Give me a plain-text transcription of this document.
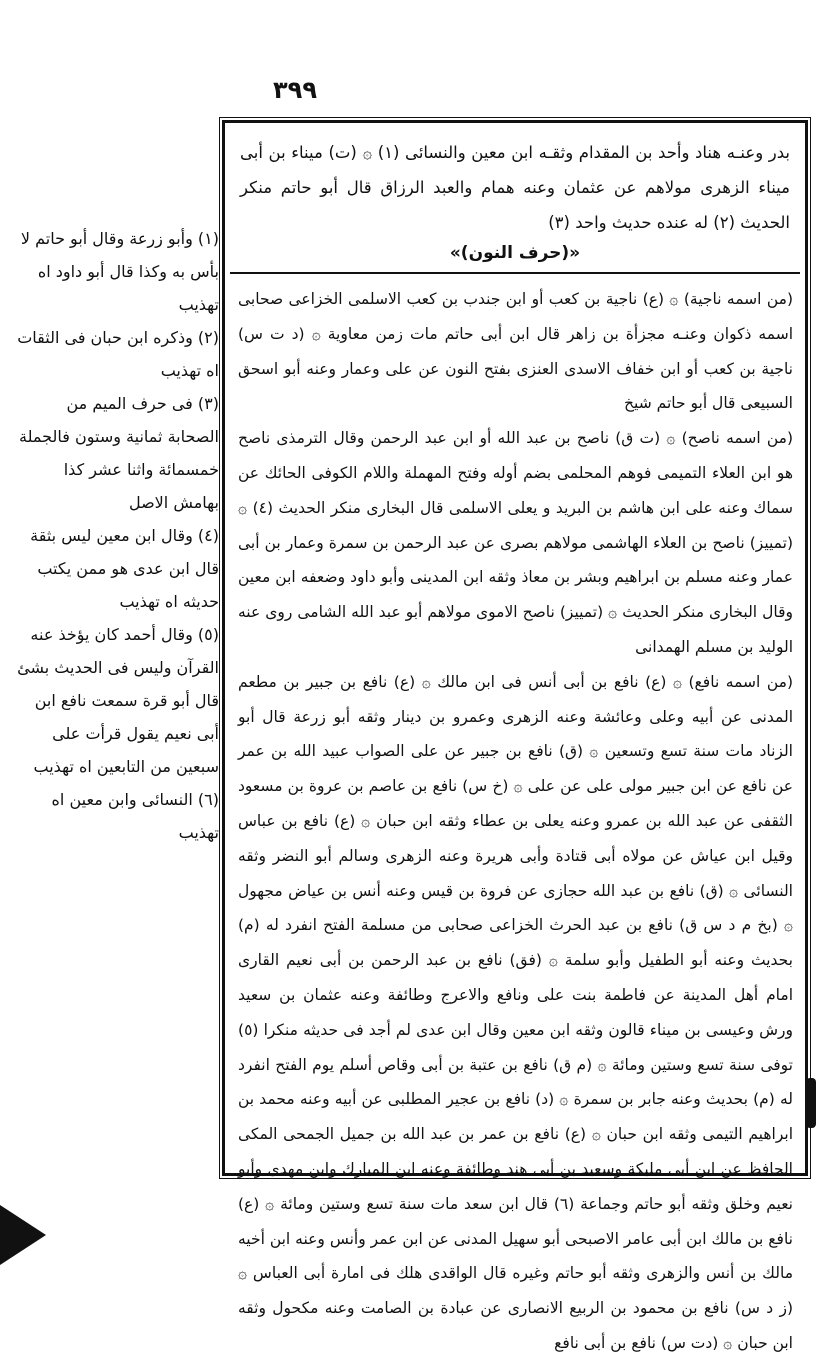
٣٩٩
بدر وعنـه هناد وأحد بن المقدام وثقـه ابن معين والنسائى (١) ۞ (ت) ميناء بن أبى ميناء الزهرى مولاهم عن عثمان وعنه همام والعبد الرزاق قال أبو حاتم منكر الحديث (٢) له عنده حديث واحد (٣)
«(حرف النون)»

(من اسمه ناجية) ۞ (ع) ناجية بن كعب أو ابن جندب بن كعب الاسلمى الخزاعى صحابى اسمه ذكوان وعنـه مجزأة بن زاهر قال ابن أبى حاتم مات زمن معاوية ۞ (د ت س) ناجية بن كعب أو ابن خفاف الاسدى العنزى بفتح النون عن على وعمار وعنه أبو اسحق السبيعى قال أبو حاتم شيخ

(من اسمه ناصح) ۞ (ت ق) ناصح بن عبد الله أو ابن عبد الرحمن وقال الترمذى ناصح هو ابن العلاء التميمى فوهم المحلمى بضم أوله وفتح المهملة واللام الكوفى الحائك عن سماك وعنه على ابن هاشم بن البريد و يعلى الاسلمى قال البخارى منكر الحديث (٤) ۞ (تمييز) ناصح بن العلاء الهاشمى مولاهم بصرى عن عبد الرحمن بن سمرة وعمار بن أبى عمار وعنه مسلم بن ابراهيم وبشر بن معاذ وثقه ابن المدينى وأبو داود وضعفه ابن معين وقال البخارى منكر الحديث ۞ (تمييز) ناصح الاموى مولاهم أبو عبد الله الشامى روى عنه الوليد بن مسلم الهمدانى

(من اسمه نافع) ۞ (ع) نافع بن أبى أنس فى ابن مالك ۞ (ع) نافع بن جبير بن مطعم المدنى عن أبيه وعلى وعائشة وعنه الزهرى وعمرو بن دينار وثقه أبو زرعة قال أبو الزناد مات سنة تسع وتسعين ۞ (ق) نافع بن جبير عن على الصواب عبيد الله بن عمر عن نافع عن ابن جبير مولى على عن على ۞ (خ س) نافع بن عاصم بن عروة بن مسعود الثقفى عن عبد الله بن عمرو وعنه يعلى بن عطاء وثقه ابن حبان ۞ (ع) نافع بن عباس وقيل ابن عياش عن مولاه أبى قتادة وأبى هريرة وعنه الزهرى وسالم أبو النضر وثقه النسائى ۞ (ق) نافع بن عبد الله حجازى عن فروة بن قيس وعنه أنس بن عياض مجهول ۞ (بخ م د س ق) نافع بن عبد الحرث الخزاعى صحابى من مسلمة الفتح انفرد له (م) بحديث وعنه أبو الطفيل وأبو سلمة ۞ (فق) نافع بن عبد الرحمن بن أبى نعيم القارى امام أهل المدينة عن فاطمة بنت على ونافع والاعرج وطائفة وعنه عثمان بن سعيد ورش وعيسى بن ميناء قالون وثقه ابن معين وقال ابن عدى لم أجد فى حديثه منكرا (٥) توفى سنة تسع وستين ومائة ۞ (م ق) نافع بن عتبة بن أبى وقاص أسلم يوم الفتح انفرد له (م) بحديث وعنه جابر بن سمرة ۞ (د) نافع بن عجير المطلبى عن أبيه وعنه محمد بن ابراهيم التيمى وثقه ابن حبان ۞ (ع) نافع بن عمر بن عبد الله بن جميل الجمحى المكى الحافظ عن ابن أبى مليكة وسعيد بن أبى هند وطائفة وعنه ابن المبارك وابن مهدى وأبو نعيم وخلق وثقه أبو حاتم وجماعة (٦) قال ابن سعد مات سنة تسع وستين ومائة ۞ (ع) نافع بن مالك ابن أبى عامر الاصبحى أبو سهيل المدنى عن ابن عمر وأنس وعنه ابن أخيه مالك بن أنس والزهرى وثقه أبو حاتم وغيره قال الواقدى هلك فى امارة أبى العباس ۞ (ز د س) نافع بن محمود بن الربيع الانصارى عن عبادة بن الصامت وعنه مكحول وثقه ابن حبان ۞ (دت س) نافع بن أبى نافع

(١) وأبو زرعة وقال أبو حاتم لا بأس به وكذا قال أبو داود اه تهذيب

(٢) وذكره ابن حبان فى الثقات اه تهذيب

(٣) فى حرف الميم من الصحابة ثمانية وستون فالجملة خمسمائة واثنا عشر كذا بهامش الاصل

(٤) وقال ابن معين ليس بثقة قال ابن عدى هو ممن يكتب حديثه اه تهذيب

(٥) وقال أحمد كان يؤخذ عنه القرآن وليس فى الحديث بشئ قال أبو قرة سمعت نافع ابن أبى نعيم يقول قرأت على سبعين من التابعين اه تهذيب

(٦) النسائى وابن معين اه تهذيب
